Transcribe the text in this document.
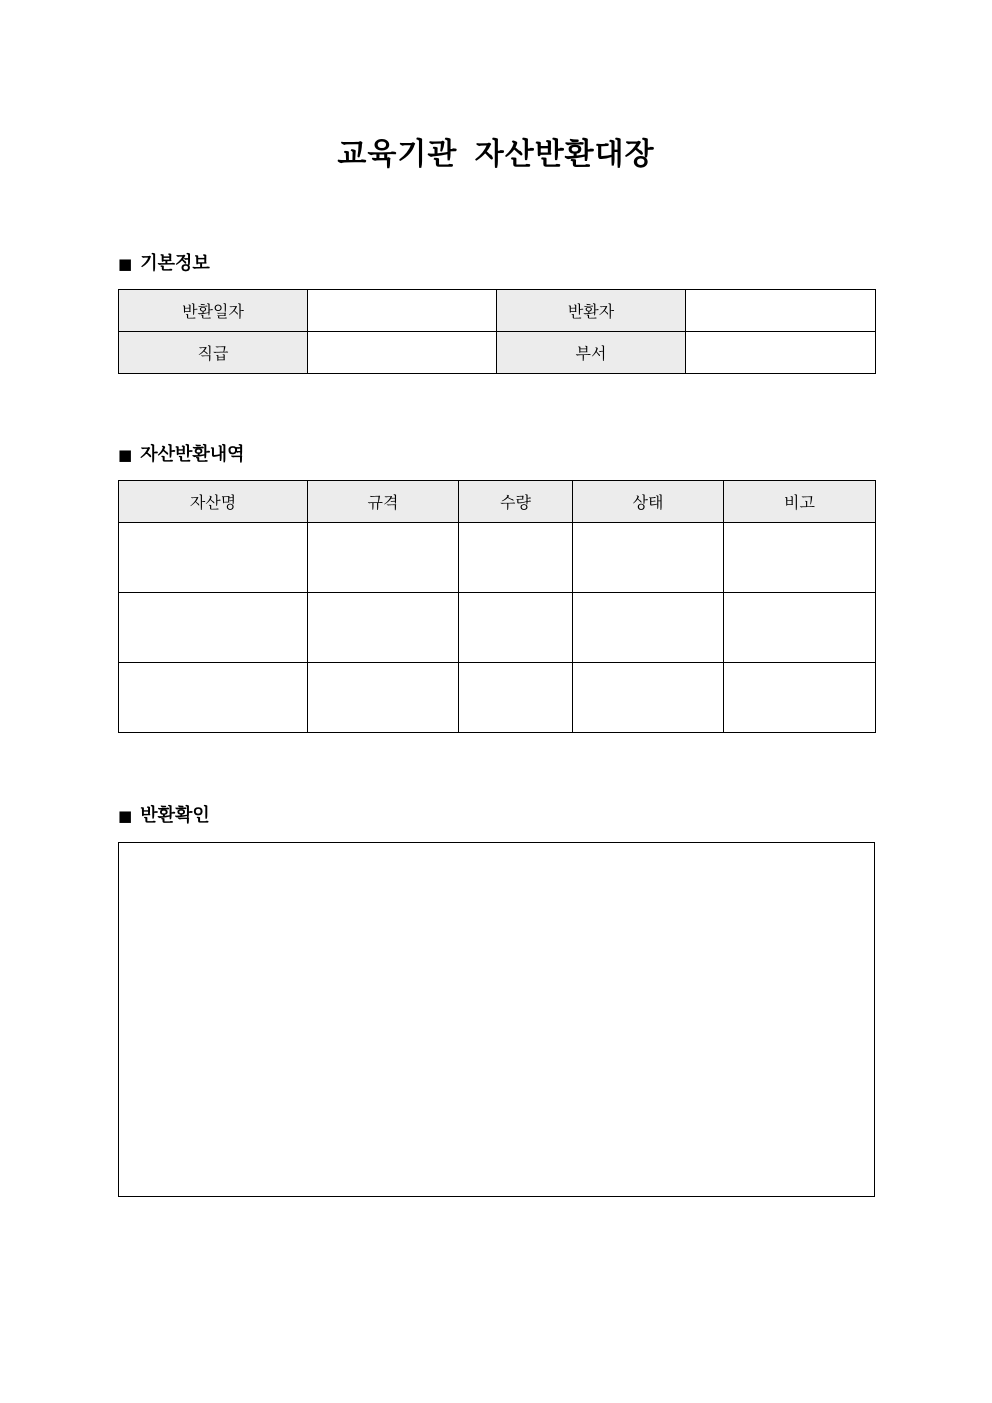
교육기관 자산반환대장
■ 기본정보
반환일자		반환자	
직급		부서	
■ 자산반환내역
자산명	규격	수량	상태	비고

■ 반환확인
